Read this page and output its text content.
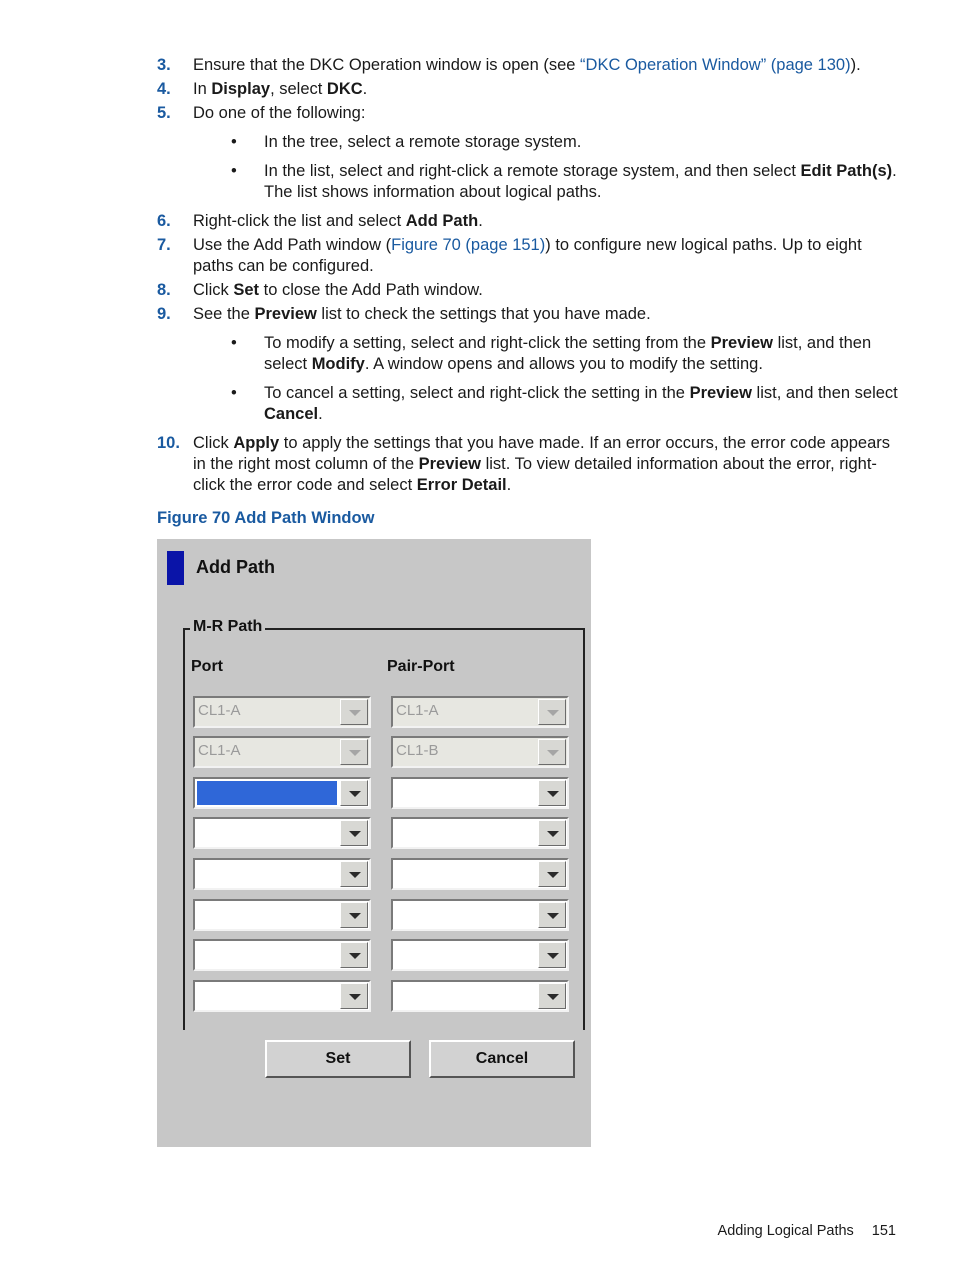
3. Ensure that the DKC Operation window is open (see “DKC Operation Window” (page 130)).
4. In Display, select DKC.
5. Do one of the following:
• In the tree, select a remote storage system.
• In the list, select and right-click a remote storage system, and then select Edit Path(s). The list shows information about logical paths.
6. Right-click the list and select Add Path.
7. Use the Add Path window (Figure 70 (page 151)) to configure new logical paths. Up to eight paths can be configured.
8. Click Set to close the Add Path window.
9. See the Preview list to check the settings that you have made.
• To modify a setting, select and right-click the setting from the Preview list, and then select Modify. A window opens and allows you to modify the setting.
• To cancel a setting, select and right-click the setting in the Preview list, and then select Cancel.
10. Click Apply to apply the settings that you have made. If an error occurs, the error code appears in the right most column of the Preview list. To view detailed information about the error, right-click the error code and select Error Detail.
Figure 70 Add Path Window
Add Path
M-R Path
Port	Pair-Port
CL1-A
CL1-A
CL1-A
CL1-B
Set	Cancel
Adding Logical Paths 151
